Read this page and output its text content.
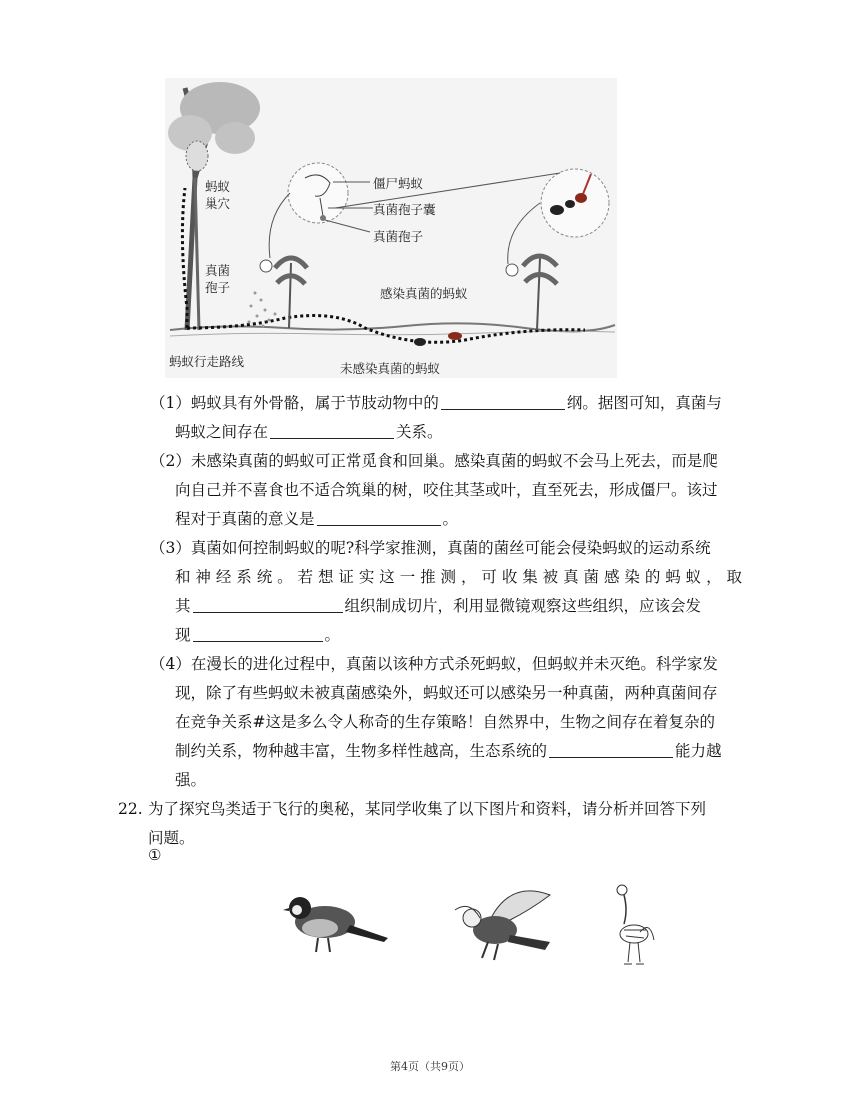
蚂蚁
巢穴
僵尸蚂蚁
真菌孢子囊
真菌孢子
真菌
孢子	感染真菌的蚂蚁
蚂蚁行走路线	未感染真菌的蚂蚁
（1）蚂蚁具有外骨骼，属于节肢动物中的	纲。据图可知，真菌与
蚂蚁之间存在	关系。
（2）未感染真菌的蚂蚁可正常觅食和回巢。感染真菌的蚂蚁不会马上死去，而是爬
向自己并不喜食也不适合筑巢的树，咬住其茎或叶，直至死去，形成僵尸。该过
程对于真菌的意义是	。
（3）真菌如何控制蚂蚁的呢?科学家推测，真菌的菌丝可能会侵染蚂蚁的运动系统
和 神 经 系 统 。 若 想 证 实 这 一 推 测 ， 可 收 集 被 真 菌 感 染 的 蚂 蚁 ， 取
其	组织制成切片，利用显微镜观察这些组织，应该会发
现	。
（4）在漫长的进化过程中，真菌以该种方式杀死蚂蚁，但蚂蚁并未灭绝。科学家发
现，除了有些蚂蚁未被真菌感染外，蚂蚁还可以感染另一种真菌，两种真菌间存
在竞争关系#这是多么令人称奇的生存策略！自然界中，生物之间存在着复杂的
制约关系，物种越丰富，生物多样性越高，生态系统的	能力越
强。
22. 为了探究鸟类适于飞行的奥秘，某同学收集了以下图片和资料，请分析并回答下列
问题。
①
第4页（共9页）
